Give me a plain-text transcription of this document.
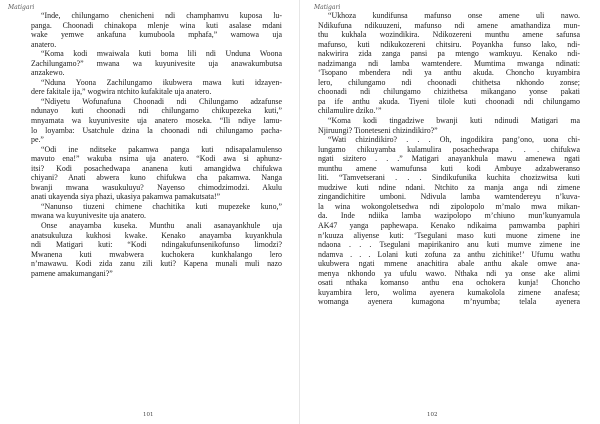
Matigari
“Inde, chilungamo chenicheni ndi champhamvu kuposa lu-
panga. Choonadi chinakopa mlenje wina kuti asalase mdani
wake yemwe ankafuna kumuboola mphafa,” wamowa uja
anatero.
“Koma kodi mwaiwala kuti boma lili ndi Unduna Woona
Zachilungamo?” mwana wa kuyunivesite uja anawakumbutsa
anzakewo.
“Nduna Yoona Zachilungamo ikubwera mawa kuti idzayen-
dere fakitale ija,” wogwira ntchito kufakitale uja anatero.
“Ndiyetu Wofunafuna Choonadi ndi Chilungamo adzafunse
ndunayo kuti choonadi ndi chilungamo chikupezeka kuti,”
mnyamata wa kuyunivesite uja anatero moseka. “Ili ndiye lamu-
lo loyamba: Usatchule dzina la choonadi ndi chilungamo pacha-
pe.”
“Odi ine nditseke pakamwa panga kuti ndisapalamulenso
mavuto ena!” wakuba nsima uja anatero. “Kodi awa si aphunz-
itsi? Kodi posachedwapa ananena kuti amangidwa chifukwa
chiyani? Anati abwera kuno chifukwa cha pakamwa. Nanga
bwanji mwana wasukuluyu? Nayenso chimodzimodzi. Akulu
anati ukayenda siya phazi, ukasiya pakamwa pamakutsata!”
“Nanunso tiuzeni chimene chachitika kuti mupezeke kuno,”
mwana wa kuyunivesite uja anatero.
Onse anayamba kuseka. Munthu anali asanayankhule uja
anatsukuluza kukhosi kwake. Kenako anayamba kuyankhula
ndi Matigari kuti: “Kodi ndingakufunsenikofunso limodzi?
Mwanena kuti mwabwera kuchokera kunkhalango lero
n’mawawu. Kodi zida zanu zili kuti? Kapena munali muli nazo
pamene amakumangani?”
101
Matigari
“Ukhoza kundifunsa mafunso onse amene uli nawo.
Ndikufuna ndikuuzeni, mafunso ndi amene amathandiza mun-
thu kukhala wozindikira. Ndikozereni munthu amene safunsa
mafunso, kuti ndikukozereni chitsiru. Poyankha funso lako, ndi-
nakwirira zida zanga pansi pa mtengo wamkuyu. Kenako ndi-
nadzimanga ndi lamba wamtendere. Mumtima mwanga ndinati:
‘Tsopano mbendera ndi ya anthu akuda. Choncho kuyambira
lero, chilungamo ndi choonadi chithetsa nkhondo zonse;
choonadi ndi chilungamo chizithetsa mikangano yonse pakati
pa ife anthu akuda. Tiyeni tilole kuti choonadi ndi chilungamo
chilamulire dziko.’”
“Koma kodi tingadziwe bwanji kuti ndinudi Matigari ma
Njiruungi? Tioneteseni chizindikiro?”
“Wati chizindikiro? . . . Oh, ingodikira pang’ono, uona chi-
lungamo chikuyamba kulamulira posachedwapa . . . chifukwa
ngati sizitero . . .” Matigari anayankhula mawu amenewa ngati
munthu amene wamufunsa kuti kodi Ambuye adzabweranso
liti. “Tamvetserani . . . Sindikufunika kuchita chozizwitsa kuti
mudziwe kuti ndine ndani. Ntchito za manja anga ndi zimene
zingandichitire umboni. Ndivula lamba wamtendereyu n’kuva-
la wina wokongoletsedwa ndi zipolopolo m’malo mwa mikan-
da. Inde ndiika lamba wazipolopo m’chiuno mun’kunyamula
AK47 yanga paphewapa. Kenako ndikaima pamwamba paphiri
n’kuuza aliyense kuti: ‘Tsegulani maso kuti muone zimene ine
ndaona . . . Tsegulani mapirikaniro anu kuti mumve zimene ine
ndamva . . . Lolani kuti zofuna za anthu zichitike!’ Ufumu wathu
ukubwera ngati mmene anachitira abale anthu akale omwe ana-
menya nkhondo ya ufulu wawo. Nthaka ndi ya onse ake alimi
osati nthaka komanso anthu ena ochokera kunja! Choncho
kuyambira lero, wolima ayenera kumakolola zimene anafesa;
womanga ayenera kumagona m’nyumba; telala ayenera
102
